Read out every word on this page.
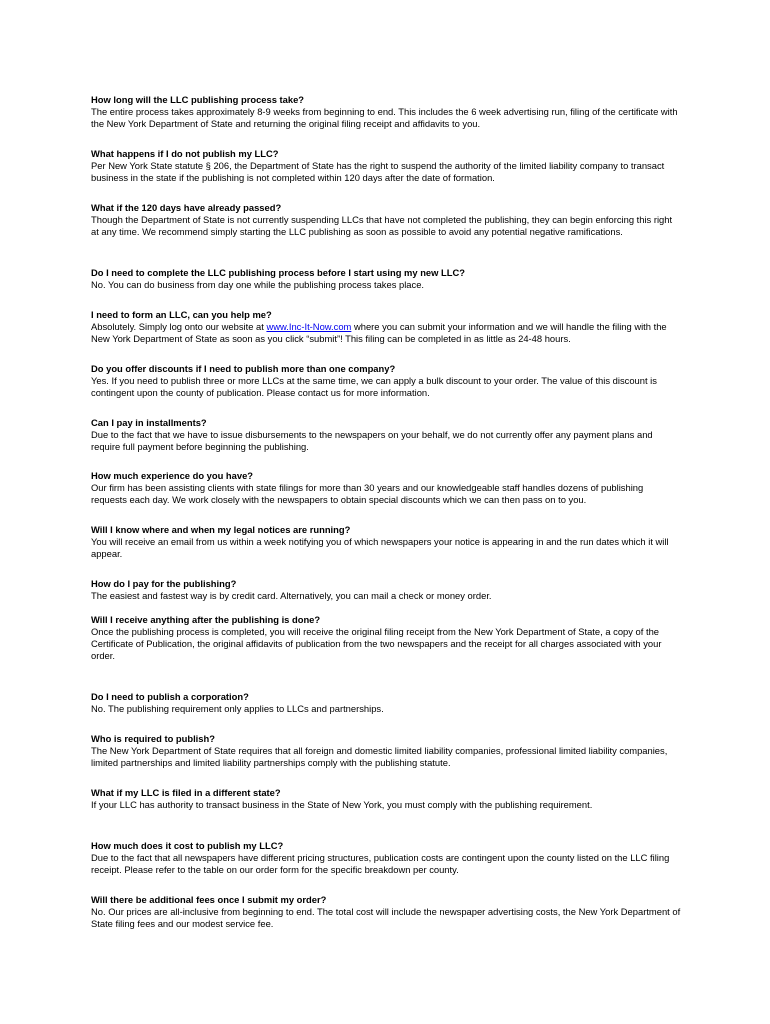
How long will the LLC publishing process take?
The entire process takes approximately 8-9 weeks from beginning to end. This includes the 6 week advertising run, filing of the certificate with the New York Department of State and returning the original filing receipt and affidavits to you.
What happens if I do not publish my LLC?
Per New York State statute § 206, the Department of State has the right to suspend the authority of the limited liability company to transact business in the state if the publishing is not completed within 120 days after the date of formation.
What if the 120 days have already passed?
Though the Department of State is not currently suspending LLCs that have not completed the publishing, they can begin enforcing this right at any time. We recommend simply starting the LLC publishing as soon as possible to avoid any potential negative ramifications.
Do I need to complete the LLC publishing process before I start using my new LLC?
No. You can do business from day one while the publishing process takes place.
I need to form an LLC, can you help me?
Absolutely. Simply log onto our website at www.Inc-It-Now.com where you can submit your information and we will handle the filing with the New York Department of State as soon as you click “submit”! This filing can be completed in as little as 24-48 hours.
Do you offer discounts if I need to publish more than one company?
Yes. If you need to publish three or more LLCs at the same time, we can apply a bulk discount to your order. The value of this discount is contingent upon the county of publication. Please contact us for more information.
Can I pay in installments?
Due to the fact that we have to issue disbursements to the newspapers on your behalf, we do not currently offer any payment plans and require full payment before beginning the publishing.
How much experience do you have?
Our firm has been assisting clients with state filings for more than 30 years and our knowledgeable staff handles dozens of publishing requests each day. We work closely with the newspapers to obtain special discounts which we can then pass on to you.
Will I know where and when my legal notices are running?
You will receive an email from us within a week notifying you of which newspapers your notice is appearing in and the run dates which it will appear.
How do I pay for the publishing?
The easiest and fastest way is by credit card. Alternatively, you can mail a check or money order.
Will I receive anything after the publishing is done?
Once the publishing process is completed, you will receive the original filing receipt from the New York Department of State, a copy of the Certificate of Publication, the original affidavits of publication from the two newspapers and the receipt for all charges associated with your order.
Do I need to publish a corporation?
No. The publishing requirement only applies to LLCs and partnerships.
Who is required to publish?
The New York Department of State requires that all foreign and domestic limited liability companies, professional limited liability companies, limited partnerships and limited liability partnerships comply with the publishing statute.
What if my LLC is filed in a different state?
If your LLC has authority to transact business in the State of New York, you must comply with the publishing requirement.
How much does it cost to publish my LLC?
Due to the fact that all newspapers have different pricing structures, publication costs are contingent upon the county listed on the LLC filing receipt. Please refer to the table on our order form for the specific breakdown per county.
Will there be additional fees once I submit my order?
No. Our prices are all-inclusive from beginning to end. The total cost will include the newspaper advertising costs, the New York Department of State filing fees and our modest service fee.
